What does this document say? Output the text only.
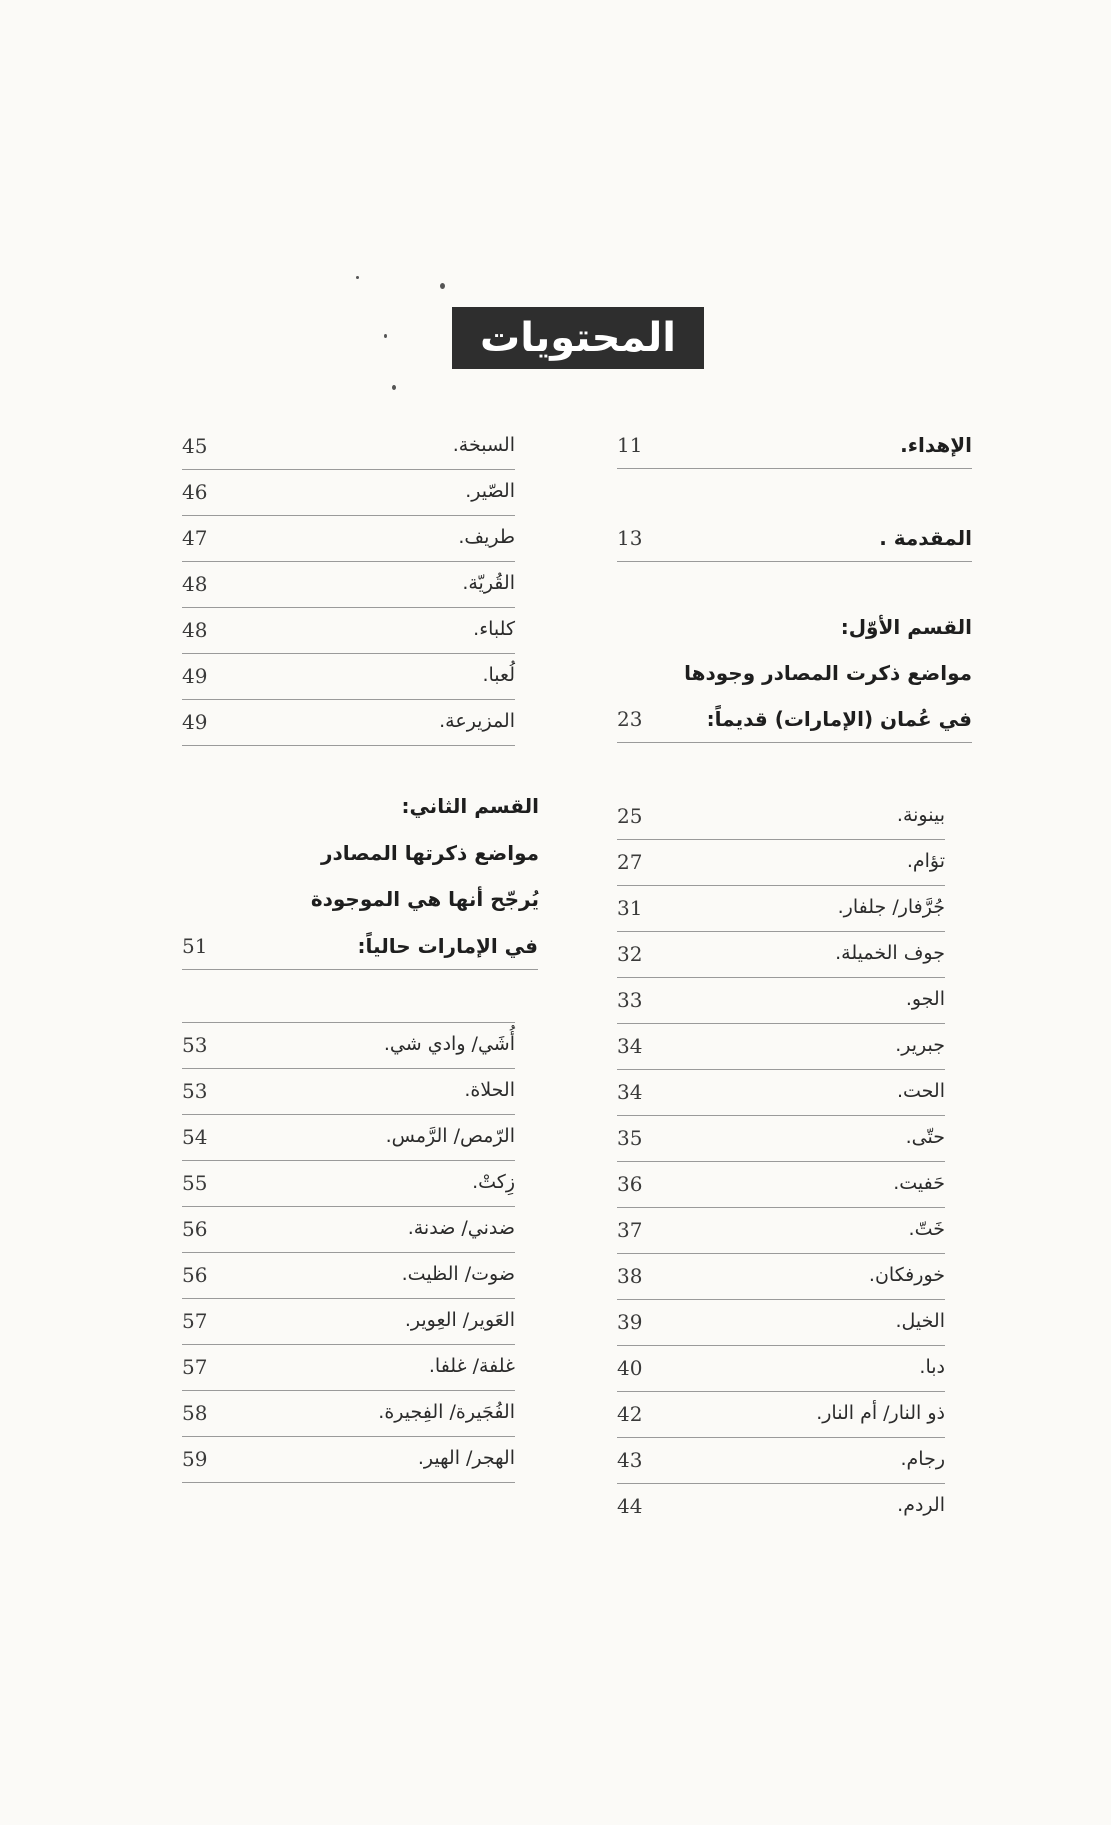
المحتويات
الإهداء.
11
المقدمة .
13
القسم الأوّل:
مواضع ذكرت المصادر وجودها
في عُمان (الإمارات) قديماً:
23
بينونة.
25
تؤام.
27
جُرَّفار/ جلفار.
31
جوف الخميلة.
32
الجو.
33
جبرير.
34
الحت.
34
حتّى.
35
حَفيت.
36
خَتّ.
37
خورفكان.
38
الخيل.
39
دبا.
40
ذو النار/ أم النار.
42
رجام.
43
الردم.
44
السبخة.
45
الصّير.
46
طريف.
47
القُريّة.
48
كلباء.
48
لُعبا.
49
المزيرعة.
49
القسم الثاني:
مواضع ذكرتها المصادر
يُرجّح أنها هي الموجودة
في الإمارات حالياً:
51
أُشَي/ وادي شي.
53
الحلاة.
53
الرّمص/ الرَّمس.
54
زِكتْ.
55
ضدني/ ضدنة.
56
ضوت/ الظيت.
56
العَوير/ العِوير.
57
غلفة/ غلفا.
57
الفُجَيرة/ الفِجيرة.
58
الهجر/ الهير.
59
